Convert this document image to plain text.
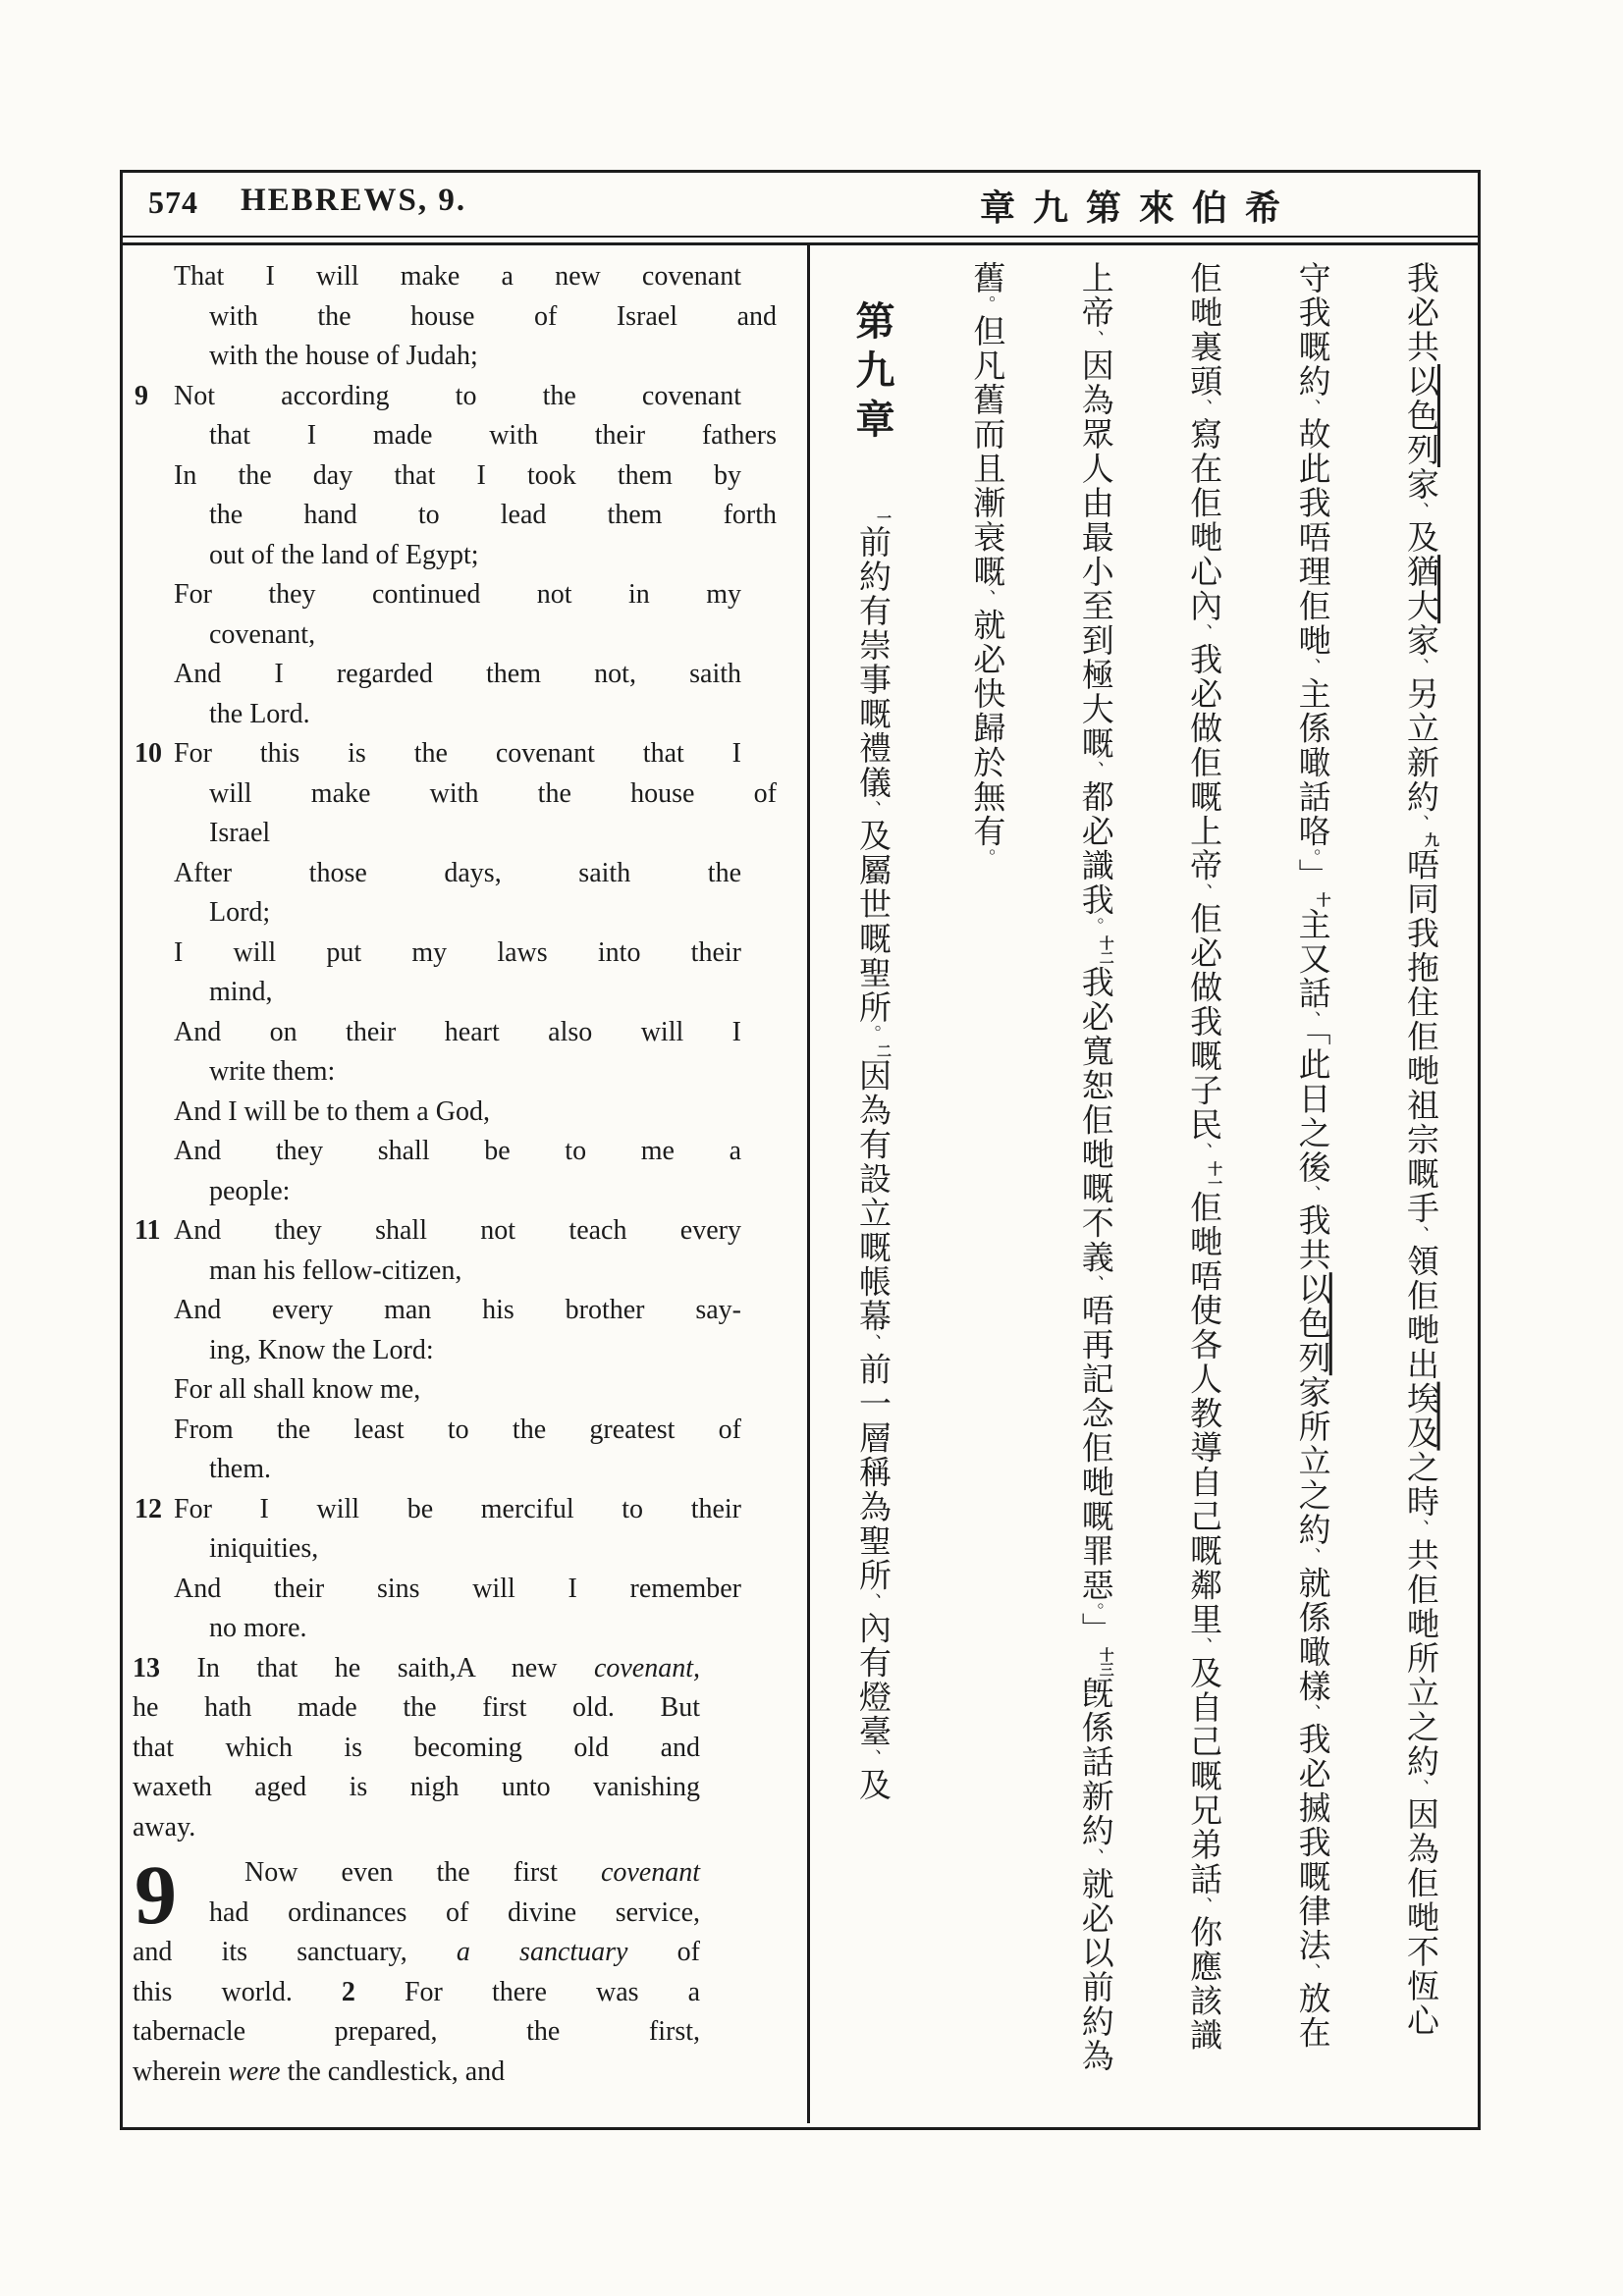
574 HEBREWS, 9.	章九第來伯希
That I will make a new covenant
with the house of Israel and
with the house of Judah;
9 Not according to the covenant
that I made with their fathers
In the day that I took them by
the hand to lead them forth
out of the land of Egypt;
For they continued not in my
covenant,
And I regarded them not, saith
the Lord.
10 For this is the covenant that I
will make with the house of
Israel
After those days, saith the
Lord;
I will put my laws into their
mind,
And on their heart also will I
write them:
And I will be to them a God,
And they shall be to me a
people:
11 And they shall not teach every
man his fellow-citizen,
And every man his brother say-
ing, Know the Lord:
For all shall know me,
From the least to the greatest of
them.
12 For I will be merciful to their
iniquities,
And their sins will I remember
no more.
13 In that he saith,A new covenant,
he hath made the first old. But
that which is becoming old and
waxeth aged is nigh unto vanishing
away.
9	Now even the first covenant
had ordinances of divine service,
and its sanctuary, a sanctuary of
this world. 2 For there was a
tabernacle prepared, the first,
wherein were the candlestick, and
我必共以色列家、及猶大家、另立新約、九唔同我拖住佢哋祖宗嘅手、領佢哋出埃及之時、共佢哋所立之約、因為佢哋不恆心
守我嘅約、故此我唔理佢哋、主係噉話咯。」十主又話、「此日之後、我共以色列家所立之約、就係噉樣、我必搣我嘅律法、放在
佢哋裏頭、寫在佢哋心內、我必做佢嘅上帝、佢必做我嘅子民、十一佢哋唔使各人教導自己嘅鄰里、及自己嘅兄弟話、你應該識
上帝、因為眾人由最小至到極大嘅、都必識我。十二我必寬恕佢哋嘅不義、唔再記念佢哋嘅罪惡。」十三旣係話新約、就必以前約為
舊。但凡舊而且漸衰嘅、就必快歸於無有。
第九章一前約有崇事嘅禮儀、及屬世嘅聖所。二因為有設立嘅帳幕、前一層稱為聖所、內有燈臺、及
